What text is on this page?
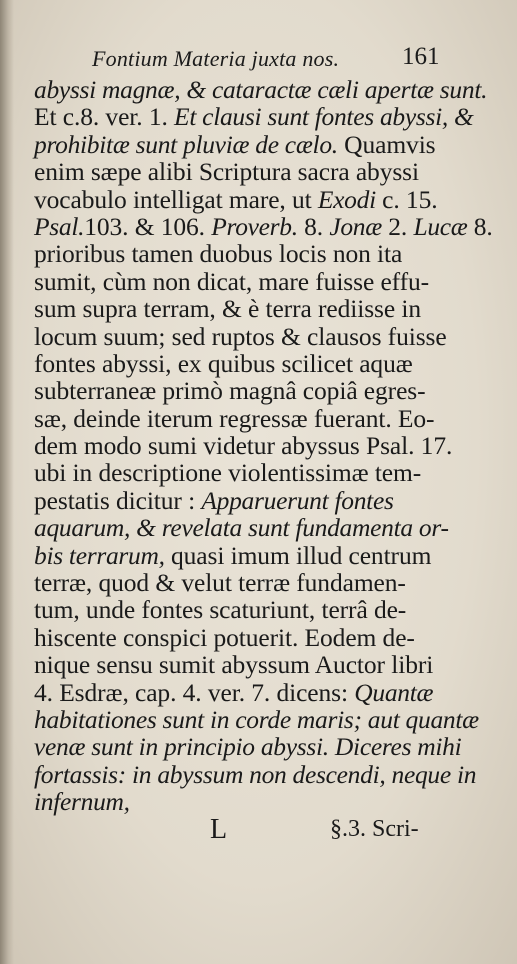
Fontium Materia juxta nos.	161
abyssi magnæ, & cataractæ cæli apertæ sunt.
Et c.8. ver. 1. Et clausi sunt fontes abyssi, &
prohibitæ sunt pluviæ de cælo. Quamvis
enim sæpe alibi Scriptura sacra abyssi
vocabulo intelligat mare, ut Exodi c. 15.
Psal.103. & 106. Proverb. 8. Jonæ 2. Lucæ 8.
prioribus tamen duobus locis non ita
sumit, cùm non dicat, mare fuisse effu-
sum supra terram, & è terra rediisse in
locum suum; sed ruptos & clausos fuisse
fontes abyssi, ex quibus scilicet aquæ
subterraneæ primò magnâ copiâ egres-
sæ, deinde iterum regressæ fuerant. Eo-
dem modo sumi videtur abyssus Psal. 17.
ubi in descriptione violentissimæ tem-
pestatis dicitur : Apparuerunt fontes
aquarum, & revelata sunt fundamenta or-
bis terrarum, quasi imum illud centrum
terræ, quod & velut terræ fundamen-
tum, unde fontes scaturiunt, terrâ de-
hiscente conspici potuerit. Eodem de-
nique sensu sumit abyssum Auctor libri
4. Esdræ, cap. 4. ver. 7. dicens: Quantæ
habitationes sunt in corde maris; aut quantæ
venæ sunt in principio abyssi. Diceres mihi
fortassis: in abyssum non descendi, neque in
infernum,
L	§.3. Scri-
